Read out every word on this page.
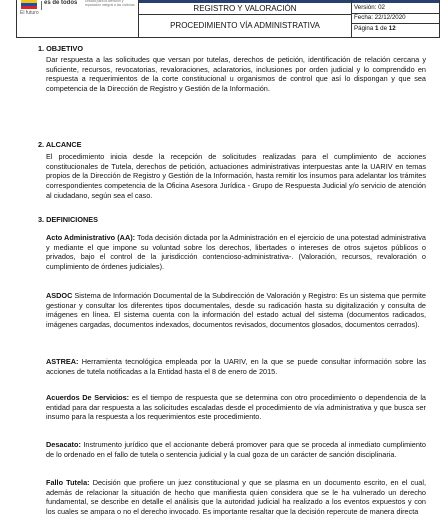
El futuro
es de todos Unidad para la atención y reparación integral a las víctimas	REGISTRO Y VALORACIÓN
PROCEDIMIENTO VÍA ADMINISTRATIVA
Versión: 02
Fecha: 22/12/2020
Página 1 de 12
1. OBJETIVO

Dar respuesta a las solicitudes que versan por tutelas, derechos de petición, identificación de relación cercana y suficiente, recursos, revocatorias, revaloraciones, aclaratorios, inclusiones por orden judicial y lo comprendido en respuesta a requerimientos de la corte constitucional u organismos de control que así lo dispongan y que sea competencia de la Dirección de Registro y Gestión de la Información.

2. ALCANCE

El procedimiento inicia desde la recepción de solicitudes realizadas para el cumplimiento de acciones constitucionales de Tutela, derechos de petición, actuaciones administrativas interpuestas ante la UARIV en temas propios de la Dirección de Registro y Gestión de la Información, hasta remitir los insumos para adelantar los trámites correspondientes competencia de la Oficina Asesora Jurídica - Grupo de Respuesta Judicial y/o servicio de atención al ciudadano, según sea el caso.

3. DEFINICIONES

Acto Administrativo (AA): Toda decisión dictada por la Administración en el ejercicio de una potestad administrativa y mediante el que impone su voluntad sobre los derechos, libertades o intereses de otros sujetos públicos o privados, bajo el control de la jurisdicción contencioso-administrativa-. (Valoración, recursos, revaloración o cumplimiento de órdenes judiciales).

ASDOC Sistema de Información Documental de la Subdirección de Valoración y Registro: Es un sistema que permite gestionar y consultar los diferentes tipos documentales, desde su radicación hasta su digitalización y consulta de imágenes en línea. El sistema cuenta con la información del estado actual del sistema (documentos radicados, imágenes cargadas, documentos indexados, documentos revisados, documentos glosados, documentos cerrados).

ASTREA: Herramienta tecnológica empleada por la UARIV, en la que se puede consultar información sobre las acciones de tutela notificadas a la Entidad hasta el 8 de enero de 2015.

Acuerdos De Servicios: es el tiempo de respuesta que se determina con otro procedimiento o dependencia de la entidad para dar respuesta a las solicitudes escaladas desde el procedimiento de vía administrativa y que busca ser insumo para la respuesta a los requerimientos este procedimiento.

Desacato: Instrumento jurídico que el accionante deberá promover para que se proceda al inmediato cumplimiento de lo ordenado en el fallo de tutela o sentencia judicial y la cual goza de un carácter de sanción disciplinaria.

Fallo Tutela: Decisión que profiere un juez constitucional y que se plasma en un documento escrito, en el cual, además de relacionar la situación de hecho que manifiesta quien considera que se le ha vulnerado un derecho fundamental, se describe en detalle el análisis que la autoridad judicial ha realizado a los eventos expuestos y con los cuales se ampara o no el derecho invocado. Es importante resaltar que la decisión repercute de manera directa
